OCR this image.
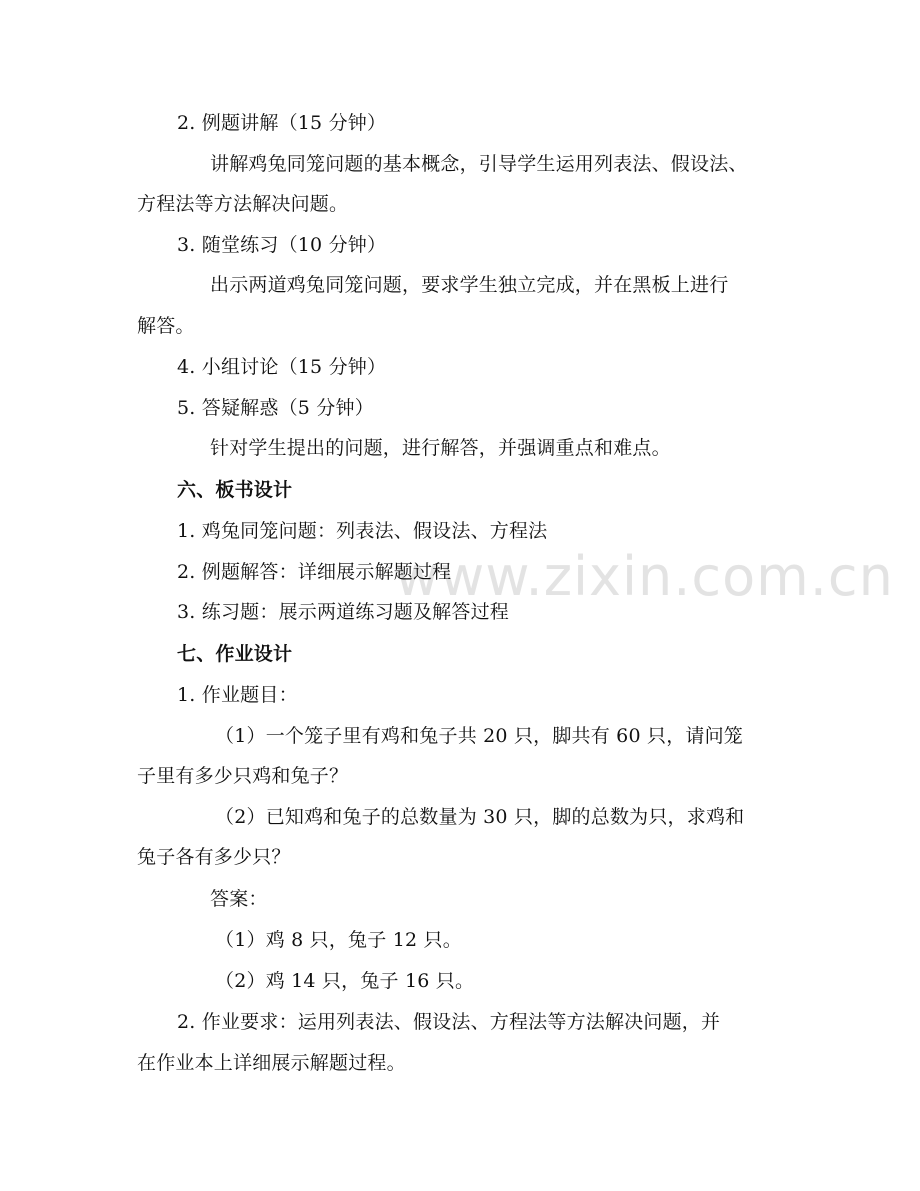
www.zixin.com.cn
2. 例题讲解（15 分钟）
讲解鸡兔同笼问题的基本概念，引导学生运用列表法、假设法、
方程法等方法解决问题。
3. 随堂练习（10 分钟）
出示两道鸡兔同笼问题，要求学生独立完成，并在黑板上进行
解答。
4. 小组讨论（15 分钟）
5. 答疑解惑（5 分钟）
针对学生提出的问题，进行解答，并强调重点和难点。
六、板书设计
1. 鸡兔同笼问题：列表法、假设法、方程法
2. 例题解答：详细展示解题过程
3. 练习题：展示两道练习题及解答过程
七、作业设计
1. 作业题目：
（1）一个笼子里有鸡和兔子共 20 只，脚共有 60 只，请问笼
子里有多少只鸡和兔子？
（2）已知鸡和兔子的总数量为 30 只，脚的总数为只，求鸡和
兔子各有多少只？
答案：
（1）鸡 8 只，兔子 12 只。
（2）鸡 14 只，兔子 16 只。
2. 作业要求：运用列表法、假设法、方程法等方法解决问题，并
在作业本上详细展示解题过程。
